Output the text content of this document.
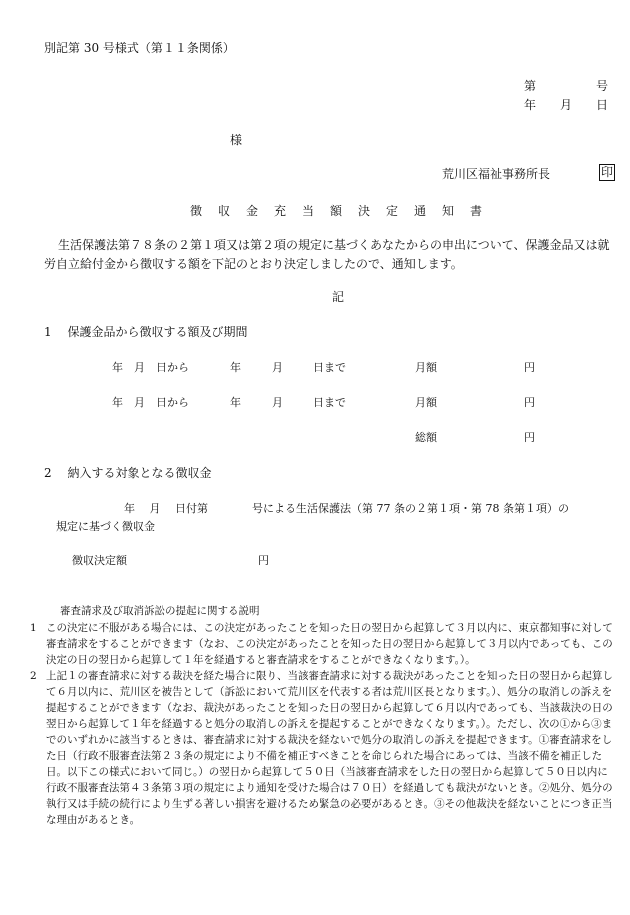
別記第 30 号様式（第１１条関係）
第　　　　　号
年　　月　　日
様
荒川区福祉事務所長	印
徴収金充当額決定通知書
生活保護法第７８条の２第１項又は第２項の規定に基づくあなたからの申出について、保護金品又は就労自立給付金から徴収する額を下記のとおり決定しましたので、通知します。
記
1　 保護金品から徴収する額及び期間
年　月　日から	年	月	日まで	月額	円
年　月　日から	年	月	日まで	月額	円
総額	円
2　 納入する対象となる徴収金
年　 月　 日付第　　　　号による生活保護法（第 77 条の２第１項・第 78 条第１項）の
規定に基づく徴収金
徴収決定額	円
審査請求及び取消訴訟の提起に関する説明
1 この決定に不服がある場合には、この決定があったことを知った日の翌日から起算して３月以内に、東京都知事に対して審査請求をすることができます（なお、この決定があったことを知った日の翌日から起算して３月以内であっても、この決定の日の翌日から起算して１年を経過すると審査請求をすることができなくなります。）。
2 上記１の審査請求に対する裁決を経た場合に限り、当該審査請求に対する裁決があったことを知った日の翌日から起算して６月以内に、荒川区を被告として（訴訟において荒川区を代表する者は荒川区長となります。）、処分の取消しの訴えを提起することができます（なお、裁決があったことを知った日の翌日から起算して６月以内であっても、当該裁決の日の翌日から起算して１年を経過すると処分の取消しの訴えを提起することができなくなります。）。ただし、次の①から③までのいずれかに該当するときは、審査請求に対する裁決を経ないで処分の取消しの訴えを提起できます。①審査請求をした日（行政不服審査法第２３条の規定により不備を補正すべきことを命じられた場合にあっては、当該不備を補正した日。以下この様式において同じ。）の翌日から起算して５０日（当該審査請求をした日の翌日から起算して５０日以内に行政不服審査法第４３条第３項の規定により通知を受けた場合は７０日）を経過しても裁決がないとき。②処分、処分の執行又は手続の続行により生ずる著しい損害を避けるため緊急の必要があるとき。③その他裁決を経ないことにつき正当な理由があるとき。
